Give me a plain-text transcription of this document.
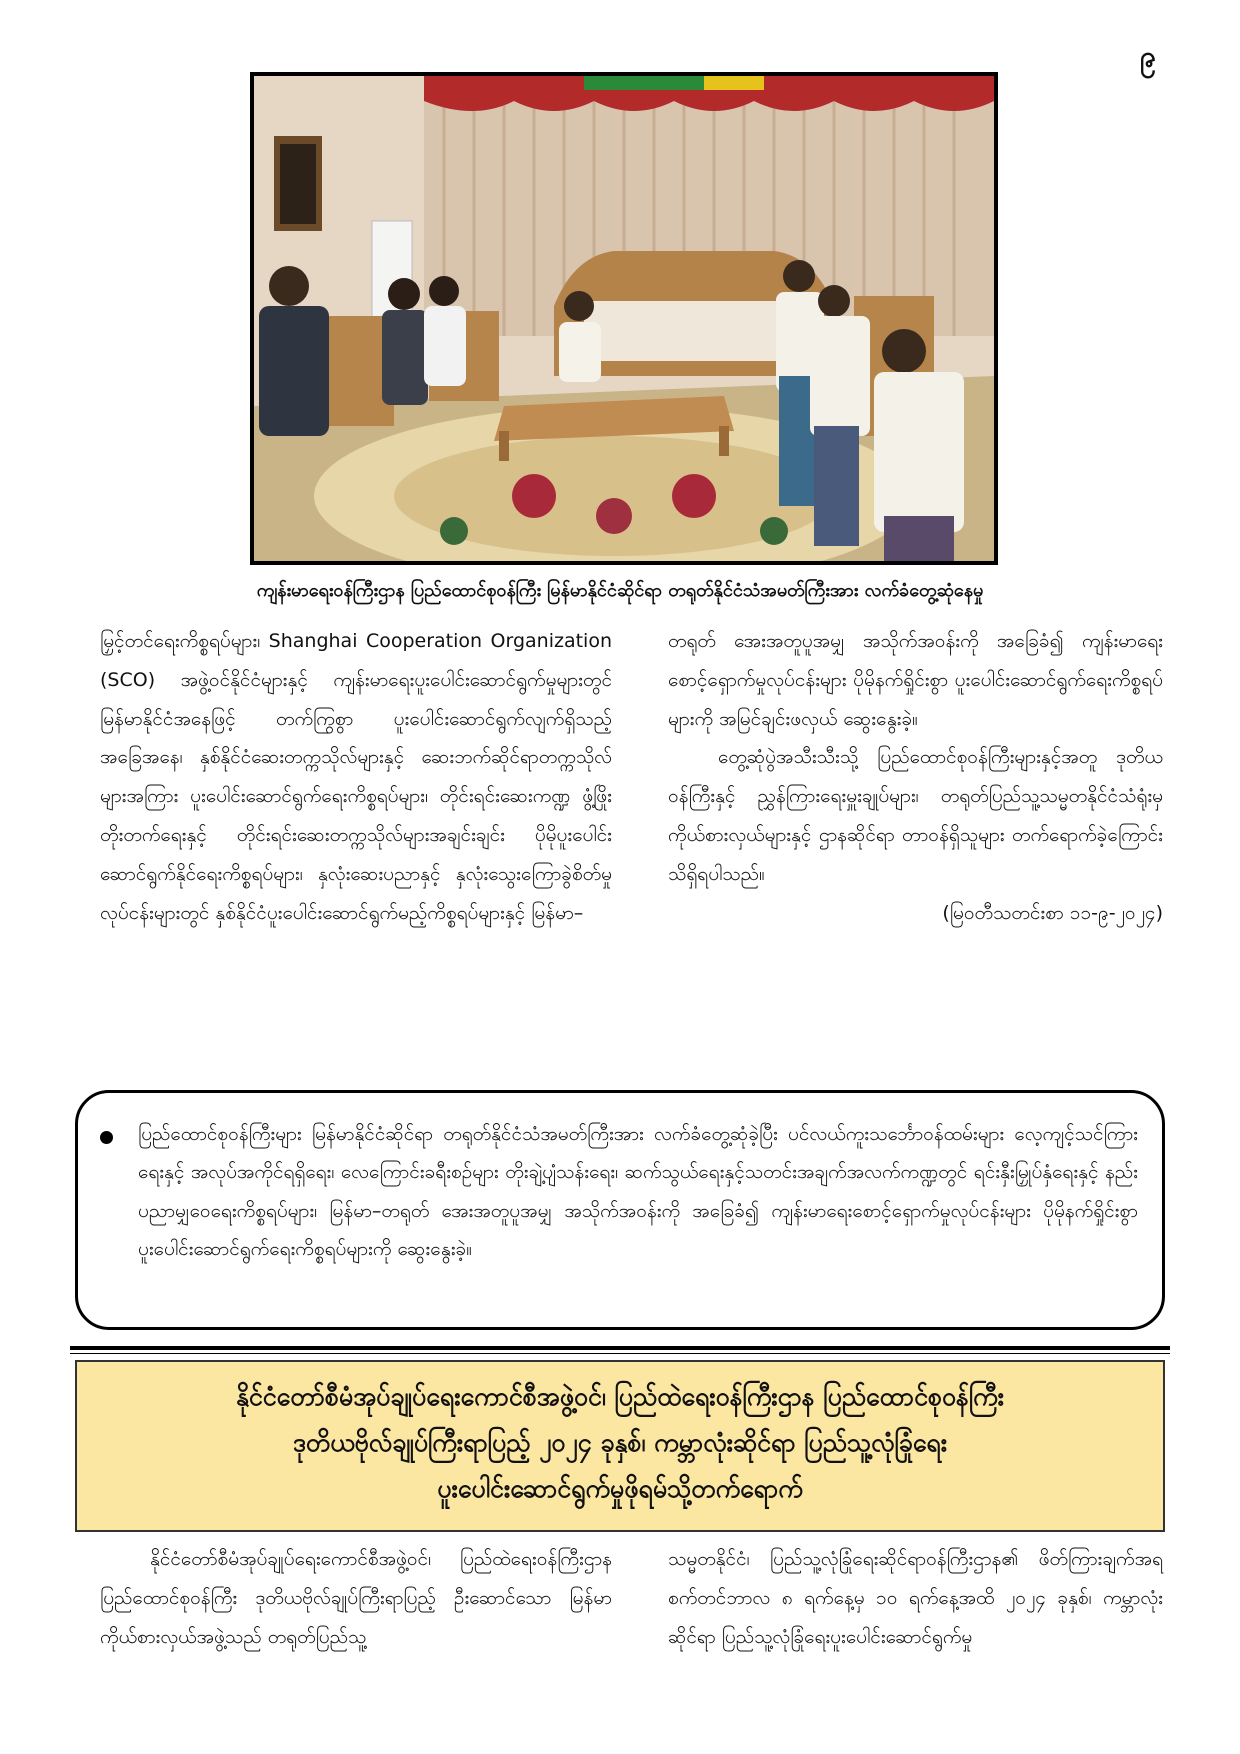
၉
ကျန်းမာရေးဝန်ကြီးဌာန ပြည်ထောင်စုဝန်ကြီး မြန်မာနိုင်ငံဆိုင်ရာ တရုတ်နိုင်ငံသံအမတ်ကြီးအား လက်ခံတွေ့ဆုံနေမှု

မြှင့်တင်ရေးကိစ္စရပ်များ၊ Shanghai Cooperation Organization (SCO) အဖွဲ့ဝင်နိုင်ငံများနှင့် ကျန်းမာရေးပူးပေါင်းဆောင်ရွက်မှုများတွင် မြန်မာနိုင်ငံအနေဖြင့် တက်ကြွစွာ ပူးပေါင်းဆောင်ရွက်လျက်ရှိသည့်အခြေအနေ၊ နှစ်နိုင်ငံဆေးတက္ကသိုလ်များနှင့် ဆေးဘက်ဆိုင်ရာတက္ကသိုလ်များအကြား ပူးပေါင်းဆောင်ရွက်ရေးကိစ္စရပ်များ၊ တိုင်းရင်းဆေးကဏ္ဍ ဖွံ့ဖြိုးတိုးတက်ရေးနှင့် တိုင်းရင်းဆေးတက္ကသိုလ်များအချင်းချင်း ပိုမိုပူးပေါင်းဆောင်ရွက်နိုင်ရေးကိစ္စရပ်များ၊ နှလုံးဆေးပညာနှင့် နှလုံးသွေးကြောခွဲစိတ်မှုလုပ်ငန်းများတွင် နှစ်နိုင်ငံပူးပေါင်းဆောင်ရွက်မည့်ကိစ္စရပ်များနှင့် မြန်မာ–

တရုတ် အေးအတူပူအမျှ အသိုက်အဝန်းကို အခြေခံ၍ ကျန်းမာရေးစောင့်ရှောက်မှုလုပ်ငန်းများ ပိုမိုနက်ရှိုင်းစွာ ပူးပေါင်းဆောင်ရွက်ရေးကိစ္စရပ်များကို အမြင်ချင်းဖလှယ် ဆွေးနွေးခဲ့။

တွေ့ဆုံပွဲအသီးသီးသို့ ပြည်ထောင်စုဝန်ကြီးများနှင့်အတူ ဒုတိယဝန်ကြီးနှင့် ညွှန်ကြားရေးမှူးချုပ်များ၊ တရုတ်ပြည်သူ့သမ္မတနိုင်ငံသံရုံးမှ ကိုယ်စားလှယ်များနှင့် ဌာနဆိုင်ရာ တာဝန်ရှိသူများ တက်ရောက်ခဲ့ကြောင်း သိရှိရပါသည်။

(မြဝတီသတင်းစာ ၁၁-၉-၂၀၂၄)

ပြည်ထောင်စုဝန်ကြီးများ မြန်မာနိုင်ငံဆိုင်ရာ တရုတ်နိုင်ငံသံအမတ်ကြီးအား လက်ခံတွေ့ဆုံခဲ့ပြီး ပင်လယ်ကူးသင်္ဘောဝန်ထမ်းများ လေ့ကျင့်သင်ကြားရေးနှင့် အလုပ်အကိုင်ရရှိရေး၊ လေကြောင်းခရီးစဉ်များ တိုးချဲ့ပျံသန်းရေး၊ ဆက်သွယ်ရေးနှင့်သတင်းအချက်အလက်ကဏ္ဍတွင် ရင်းနှီးမြှုပ်နှံရေးနှင့် နည်းပညာမျှဝေရေးကိစ္စရပ်များ၊ မြန်မာ–တရုတ် အေးအတူပူအမျှ အသိုက်အဝန်းကို အခြေခံ၍ ကျန်းမာရေးစောင့်ရှောက်မှုလုပ်ငန်းများ ပိုမိုနက်ရှိုင်းစွာ ပူးပေါင်းဆောင်ရွက်ရေးကိစ္စရပ်များကို ဆွေးနွေးခဲ့။
နိုင်ငံတော်စီမံအုပ်ချုပ်ရေးကောင်စီအဖွဲ့ဝင်၊ ပြည်ထဲရေးဝန်ကြီးဌာန ပြည်ထောင်စုဝန်ကြီး
ဒုတိယဗိုလ်ချုပ်ကြီးရာပြည့် ၂၀၂၄ ခုနှစ်၊ ကမ္ဘာလုံးဆိုင်ရာ ပြည်သူ့လုံခြုံရေး
ပူးပေါင်းဆောင်ရွက်မှုဖိုရမ်သို့တက်ရောက်

နိုင်ငံတော်စီမံအုပ်ချုပ်ရေးကောင်စီအဖွဲ့ဝင်၊ ပြည်ထဲရေးဝန်ကြီးဌာန ပြည်ထောင်စုဝန်ကြီး ဒုတိယဗိုလ်ချုပ်ကြီးရာပြည့် ဦးဆောင်သော မြန်မာကိုယ်စားလှယ်အဖွဲ့သည် တရုတ်ပြည်သူ့

သမ္မတနိုင်ငံ၊ ပြည်သူ့လုံခြုံရေးဆိုင်ရာဝန်ကြီးဌာန၏ ဖိတ်ကြားချက်အရ စက်တင်ဘာလ ၈ ရက်နေ့မှ ၁၀ ရက်နေ့အထိ ၂၀၂၄ ခုနှစ်၊ ကမ္ဘာလုံးဆိုင်ရာ ပြည်သူ့လုံခြုံရေးပူးပေါင်းဆောင်ရွက်မှု
